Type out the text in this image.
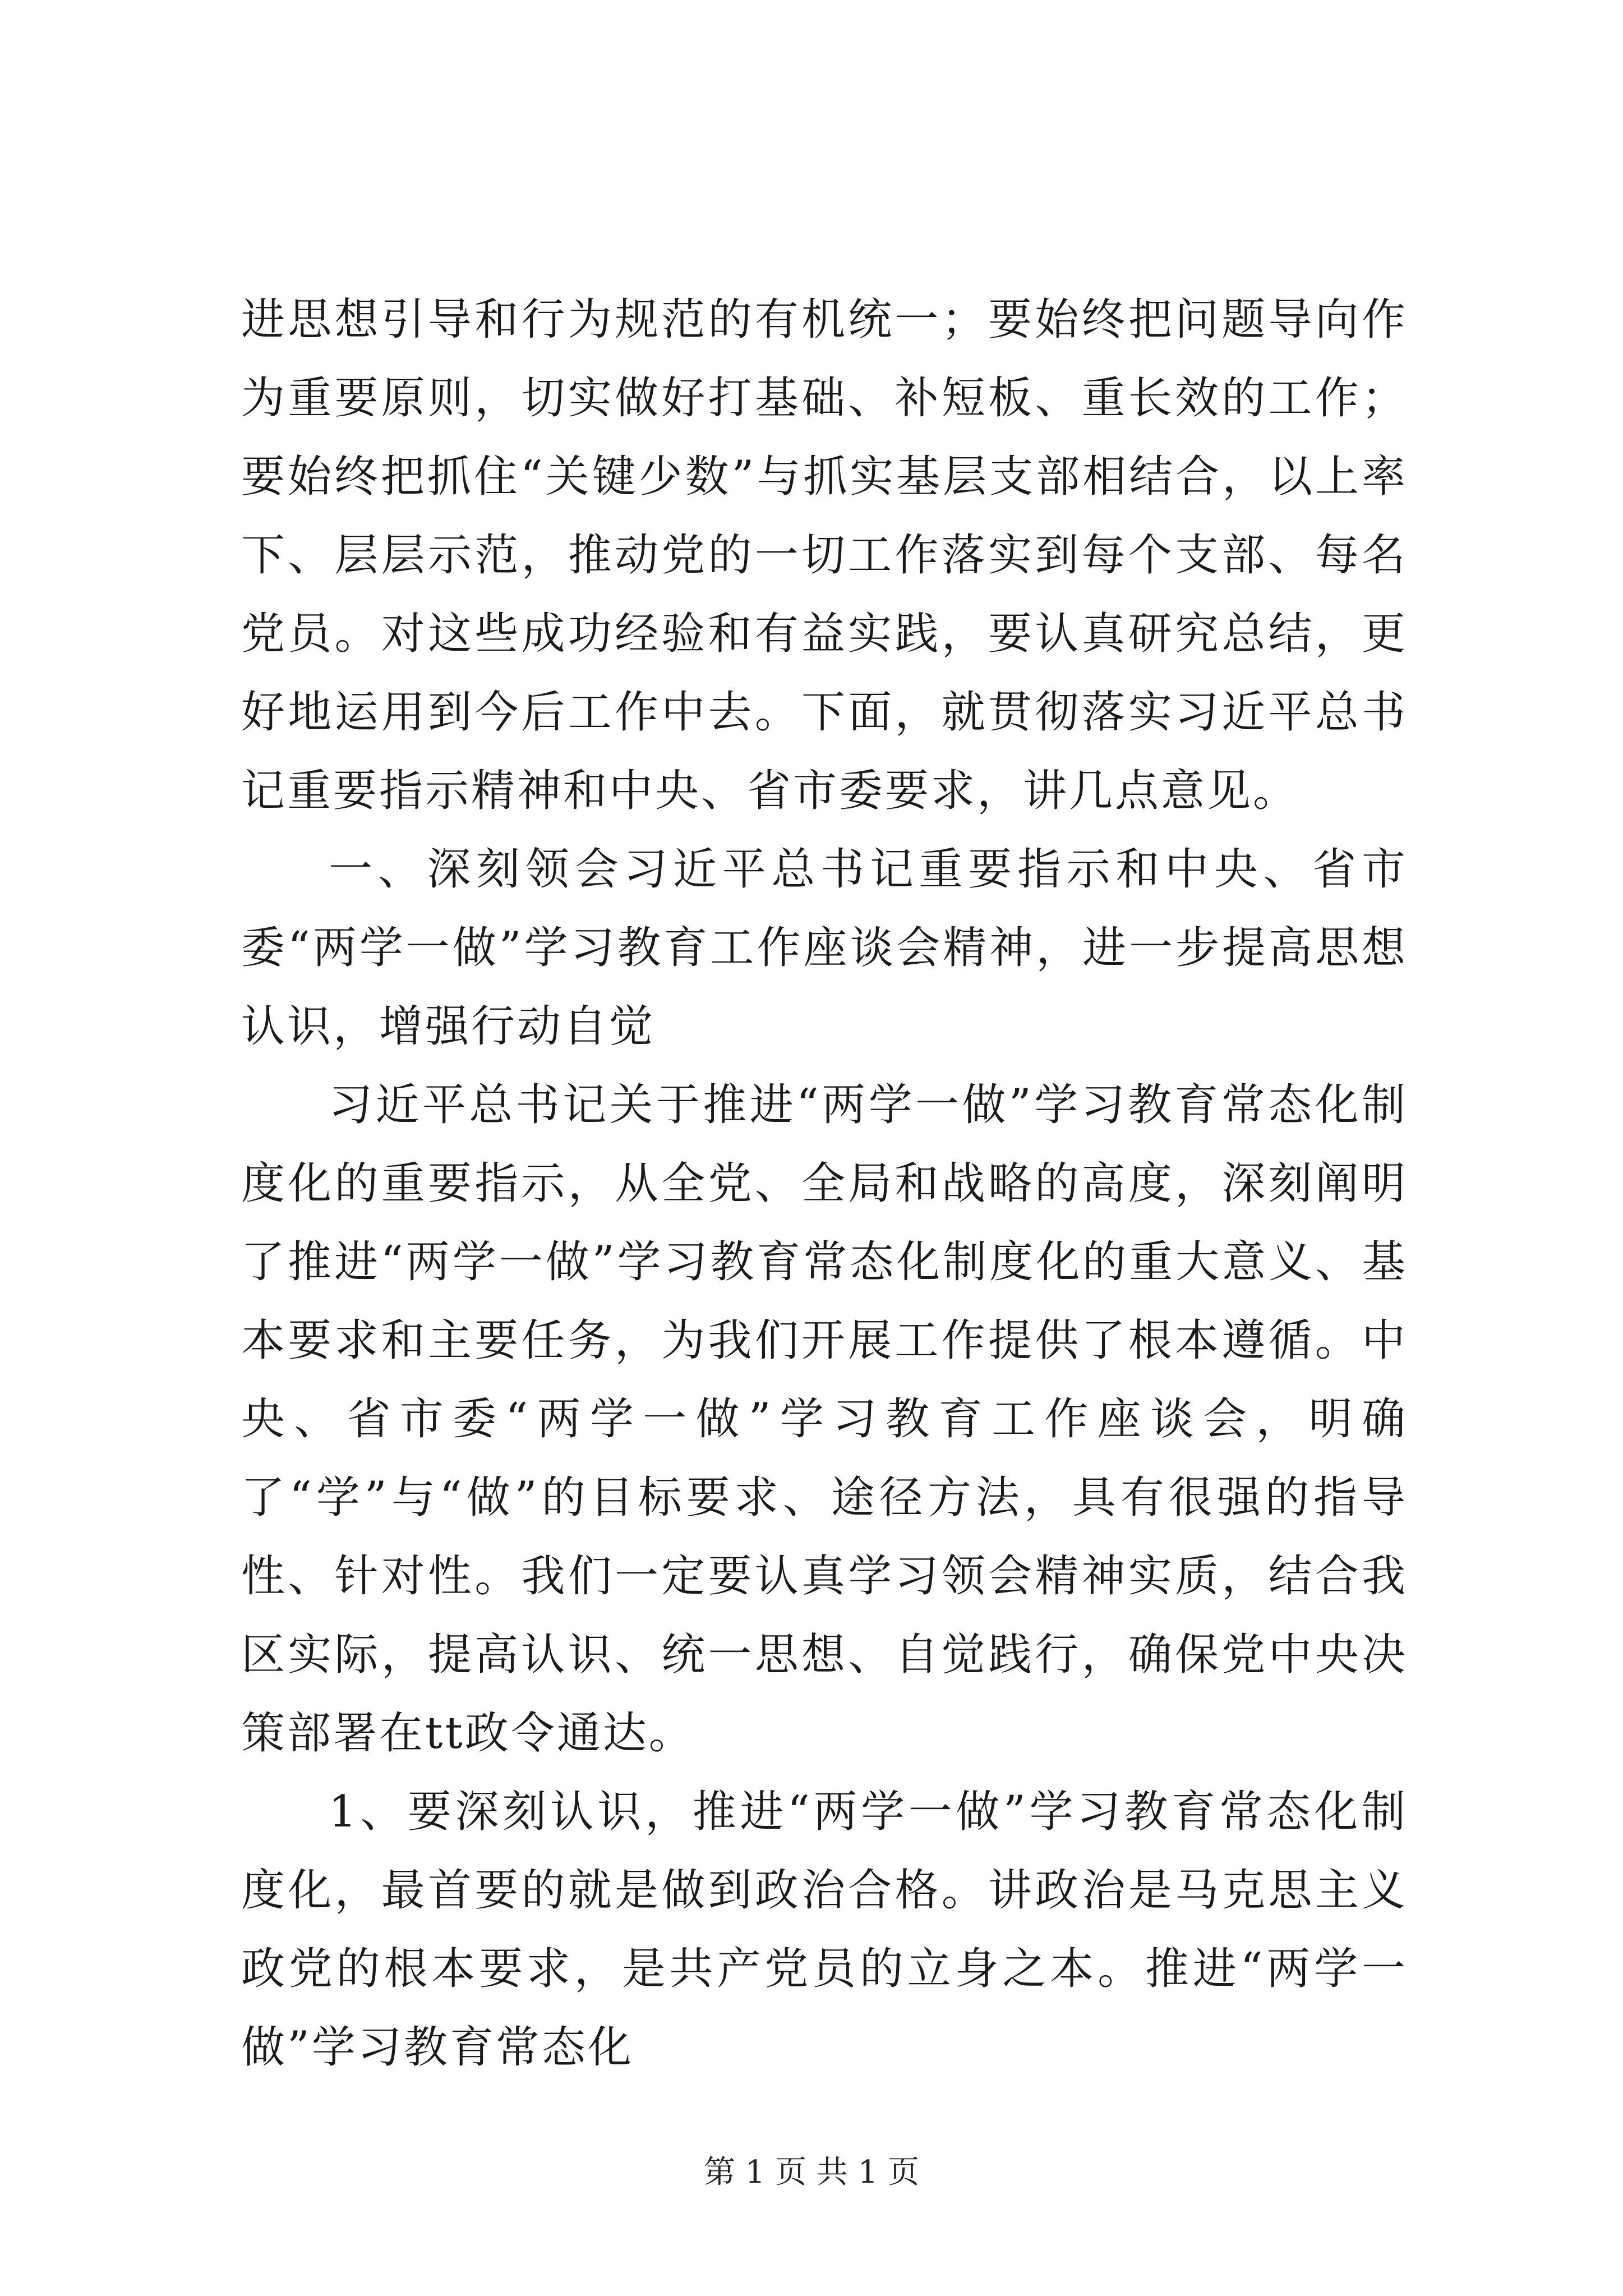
进思想引导和行为规范的有机统一；要始终把问题导向作为重要原则，切实做好打基础、补短板、重长效的工作；要始终把抓住“关键少数”与抓实基层支部相结合，以上率下、层层示范，推动党的一切工作落实到每个支部、每名党员。对这些成功经验和有益实践，要认真研究总结，更好地运用到今后工作中去。下面，就贯彻落实习近平总书记重要指示精神和中央、省市委要求，讲几点意见。

一、深刻领会习近平总书记重要指示和中央、省市委“两学一做”学习教育工作座谈会精神，进一步提高思想认识，增强行动自觉

习近平总书记关于推进“两学一做”学习教育常态化制度化的重要指示，从全党、全局和战略的高度，深刻阐明了推进“两学一做”学习教育常态化制度化的重大意义、基本要求和主要任务，为我们开展工作提供了根本遵循。中央、省市委“两学一做”学习教育工作座谈会，明确了“学”与“做”的目标要求、途径方法，具有很强的指导性、针对性。我们一定要认真学习领会精神实质，结合我区实际，提高认识、统一思想、自觉践行，确保党中央决策部署在tt政令通达。

1、要深刻认识，推进“两学一做”学习教育常态化制度化，最首要的就是做到政治合格。讲政治是马克思主义政党的根本要求，是共产党员的立身之本。推进“两学一做”学习教育常态化

第 1 页 共 1 页
